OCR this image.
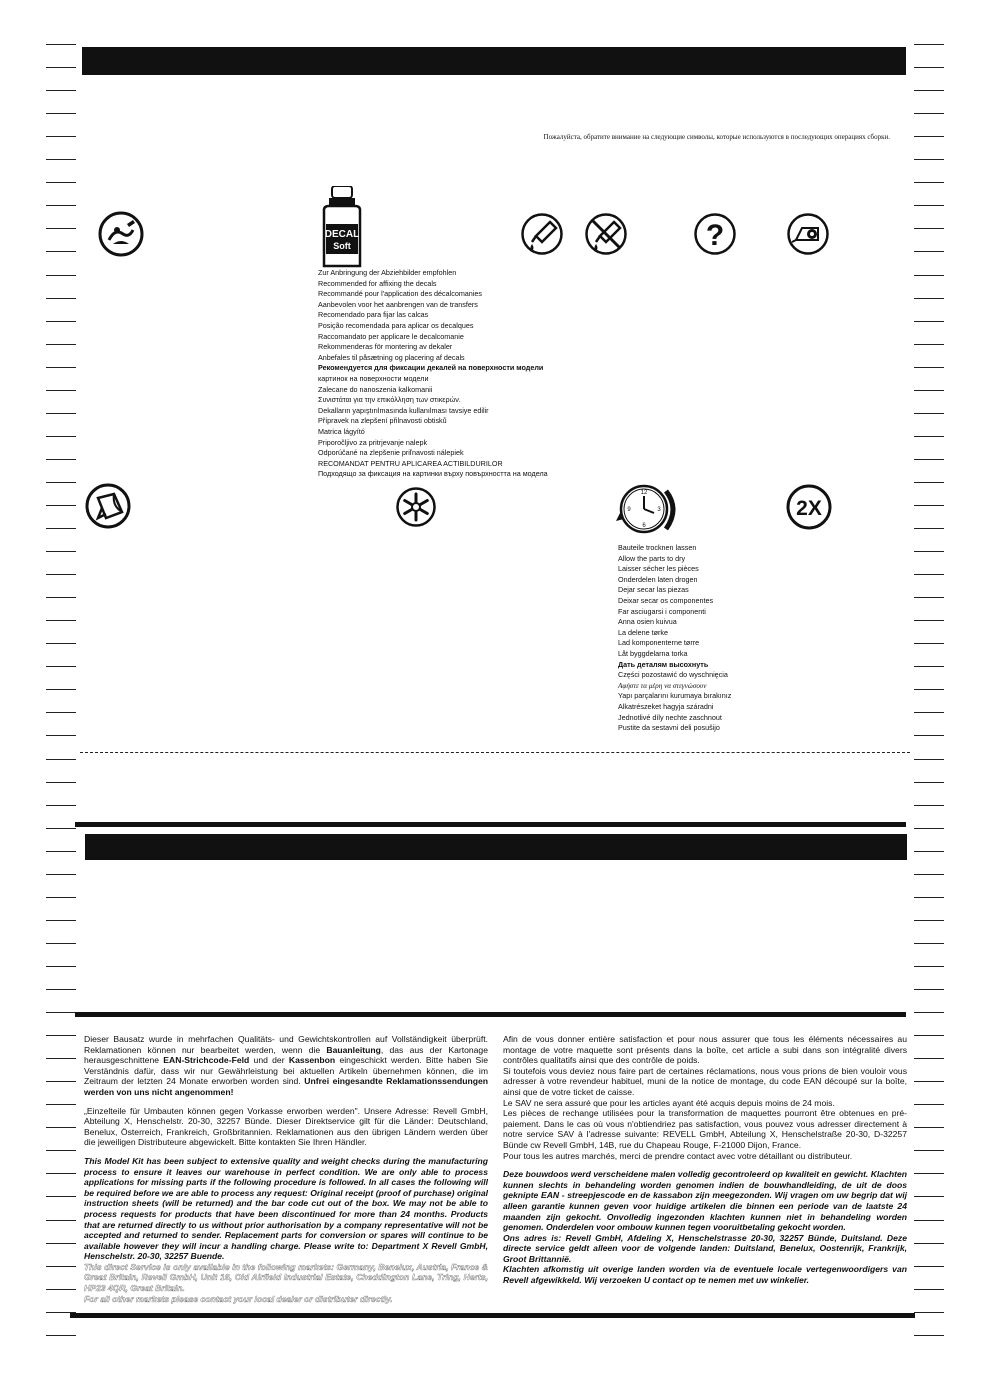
Пожалуйста, обратите внимание на следующие символы, которые используются в последующих операциях сборки.
DECAL
Soft
Zur Anbringung der Abziehbilder empfohlen
Recommended for affixing the decals
Recommandé pour l'application des décalcomanies
Aanbevolen voor het aanbrengen van de transfers
Recomendado para fijar las calcas
Posição recomendada para aplicar os decalques
Raccomandato per applicare le decalcomanie
Rekommenderas för montering av dekaler
Anbefales til påsætning og placering af decals
Рекомендуется для фиксации декалей на поверхности модели
картинок на поверхности модели
Zalecane do nanoszenia kalkomanii
Συνιστάται για την επικόλληση των στικερών.
Dekalların yapıştırılmasında kullanılması tavsiye edilir
Přípravek na zlepšení přilnavosti obtisků
Matrica lágyító
Priporočljivo za pritrjevanje nalepk
Odporúčané na zlepšenie priľnavosti nálepiek
RECOMANDAT PENTRU APLICAREA ACTIBILDURILOR
Подходящо за фиксация на картинки върху повърхността на модела
?
12
3
6
9
Bauteile trocknen lassen
Allow the parts to dry
Laisser sécher les pièces
Onderdelen laten drogen
Dejar secar las piezas
Deixar secar os componentes
Far asciugarsi i componenti
Anna osien kuivua
La delene tørke
Lad komponenterne tørre
Låt byggdelarna torka
Дать деталям высохнуть
Części pozostawić do wyschnięcia
Αφήστε τα μέρη να στεγνώσουν
Yapı parçalarını kurumaya bırakınız
Alkatrészeket hagyja száradni
Jednotlivé díly nechte zaschnout
Pustite da sestavni deli posušijo
2X

Dieser Bausatz wurde in mehrfachen Qualitäts- und Gewichtskontrollen auf Vollständigkeit überprüft. Reklamationen können nur bearbeitet werden, wenn die Bauanleitung, das aus der Kartonage herausgeschnittene EAN-Strichcode-Feld und der Kassenbon eingeschickt werden. Bitte haben Sie Verständnis dafür, dass wir nur Gewährleistung bei aktuellen Artikeln übernehmen können, die im Zeitraum der letzten 24 Monate erworben worden sind. Unfrei eingesandte Reklamationssendungen werden von uns nicht angenommen!

„Einzelteile für Umbauten können gegen Vorkasse erworben werden". Unsere Adresse: Revell GmbH, Abteilung X, Henschelstr. 20-30, 32257 Bünde. Dieser Direktservice gilt für die Länder: Deutschland, Benelux, Österreich, Frankreich, Großbritannien. Reklamationen aus den übrigen Ländern werden über die jeweiligen Distributeure abgewickelt. Bitte kontakten Sie Ihren Händler.

This Model Kit has been subject to extensive quality and weight checks during the manufacturing process to ensure it leaves our warehouse in perfect condition. We are only able to process applications for missing parts if the following procedure is followed. In all cases the following will be required before we are able to process any request: Original receipt (proof of purchase) original instruction sheets (will be returned) and the bar code cut out of the box. We may not be able to process requests for products that have been discontinued for more than 24 months. Products that are returned directly to us without prior authorisation by a company representative will not be accepted and returned to sender. Replacement parts for conversion or spares will continue to be available however they will incur a handling charge. Please write to: Department X Revell GmbH, Henschelstr. 20-30, 32257 Buende.

This direct Service is only available in the following markets: Germany, Benelux, Austria, France & Great Britain, Revell GmbH, Unit 16, Old Airfield Industrial Estate, Cheddington Lane, Tring, Herts, HP23 4QR, Great Britain.

For all other markets please contact your local dealer or distributer directly.

Afin de vous donner entière satisfaction et pour nous assurer que tous les éléments nécessaires au montage de votre maquette sont présents dans la boîte, cet article a subi dans son intégralité divers contrôles qualitatifs ainsi que des contrôle de poids.

Si toutefois vous deviez nous faire part de certaines réclamations, nous vous prions de bien vouloir vous adresser à votre revendeur habituel, muni de la notice de montage, du code EAN découpé sur la boîte, ainsi que de votre ticket de caisse.

Le SAV ne sera assuré que pour les articles ayant été acquis depuis moins de 24 mois.

Les pièces de rechange utilisées pour la transformation de maquettes pourront être obtenues en pré-paiement. Dans le cas où vous n'obtiendriez pas satisfaction, vous pouvez vous adresser directement à notre service SAV à l'adresse suivante: REVELL GmbH, Abteilung X, Henschelstraße 20-30, D-32257 Bünde cw Revell GmbH, 14B, rue du Chapeau Rouge, F-21000 Dijon, France.

Pour tous les autres marchés, merci de prendre contact avec votre détaillant ou distributeur.

Deze bouwdoos werd verscheidene malen volledig gecontroleerd op kwaliteit en gewicht. Klachten kunnen slechts in behandeling worden genomen indien de bouwhandleiding, de uit de doos geknipte EAN - streepjescode en de kassabon zijn meegezonden. Wij vragen om uw begrip dat wij alleen garantie kunnen geven voor huidige artikelen die binnen een periode van de laatste 24 maanden zijn gekocht. Onvolledig ingezonden klachten kunnen niet in behandeling worden genomen. Onderdelen voor ombouw kunnen tegen vooruitbetaling gekocht worden.

Ons adres is: Revell GmbH, Afdeling X, Henschelstrasse 20-30, 32257 Bünde, Duitsland. Deze directe service geldt alleen voor de volgende landen: Duitsland, Benelux, Oostenrijk, Frankrijk, Groot Brittannië.

Klachten afkomstig uit overige landen worden via de eventuele locale vertegenwoordigers van Revell afgewikkeld. Wij verzoeken U contact op te nemen met uw winkelier.
